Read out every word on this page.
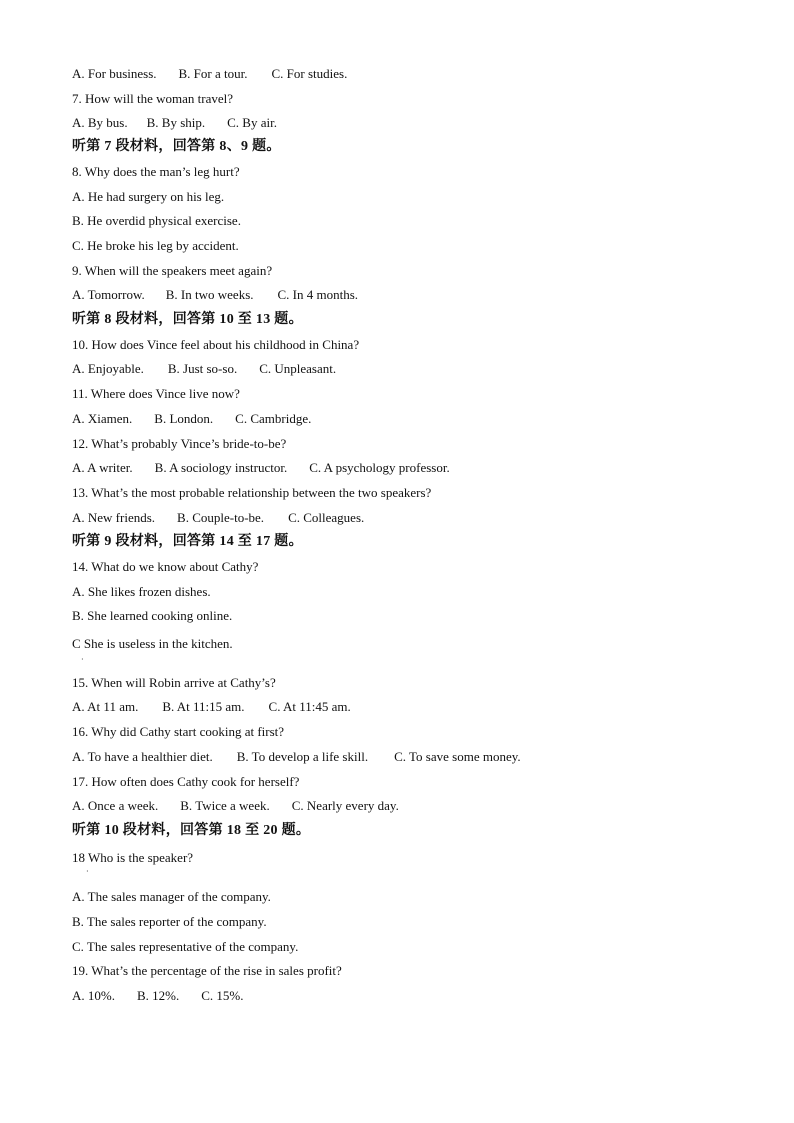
A. For business. B. For a tour. C. For studies.
7. How will the woman travel?
A. By bus. B. By ship. C. By air.
听第 7 段材料，回答第 8、9 题。
8. Why does the man’s leg hurt?
A. He had surgery on his leg.
B. He overdid physical exercise.
C. He broke his leg by accident.
9. When will the speakers meet again?
A. Tomorrow. B. In two weeks. C. In 4 months.
听第 8 段材料，回答第 10 至 13 题。
10. How does Vince feel about his childhood in China?
A. Enjoyable. B. Just so-so. C. Unpleasant.
11. Where does Vince live now?
A. Xiamen. B. London. C. Cambridge.
12. What’s probably Vince’s bride-to-be?
A. A writer. B. A sociology instructor. C. A psychology professor.
13. What’s the most probable relationship between the two speakers?
A. New friends. B. Couple-to-be. C. Colleagues.
听第 9 段材料，回答第 14 至 17 题。
14. What do we know about Cathy?
A. She likes frozen dishes.
B. She learned cooking online.
C She is useless in the kitchen.
·
15. When will Robin arrive at Cathy’s?
A. At 11 am. B. At 11:15 am. C. At 11:45 am.
16. Why did Cathy start cooking at first?
A. To have a healthier diet. B. To develop a life skill. C. To save some money.
17. How often does Cathy cook for herself?
A. Once a week. B. Twice a week. C. Nearly every day.
听第 10 段材料，回答第 18 至 20 题。
18 Who is the speaker?
·
A. The sales manager of the company.
B. The sales reporter of the company.
C. The sales representative of the company.
19. What’s the percentage of the rise in sales profit?
A. 10%. B. 12%. C. 15%.
